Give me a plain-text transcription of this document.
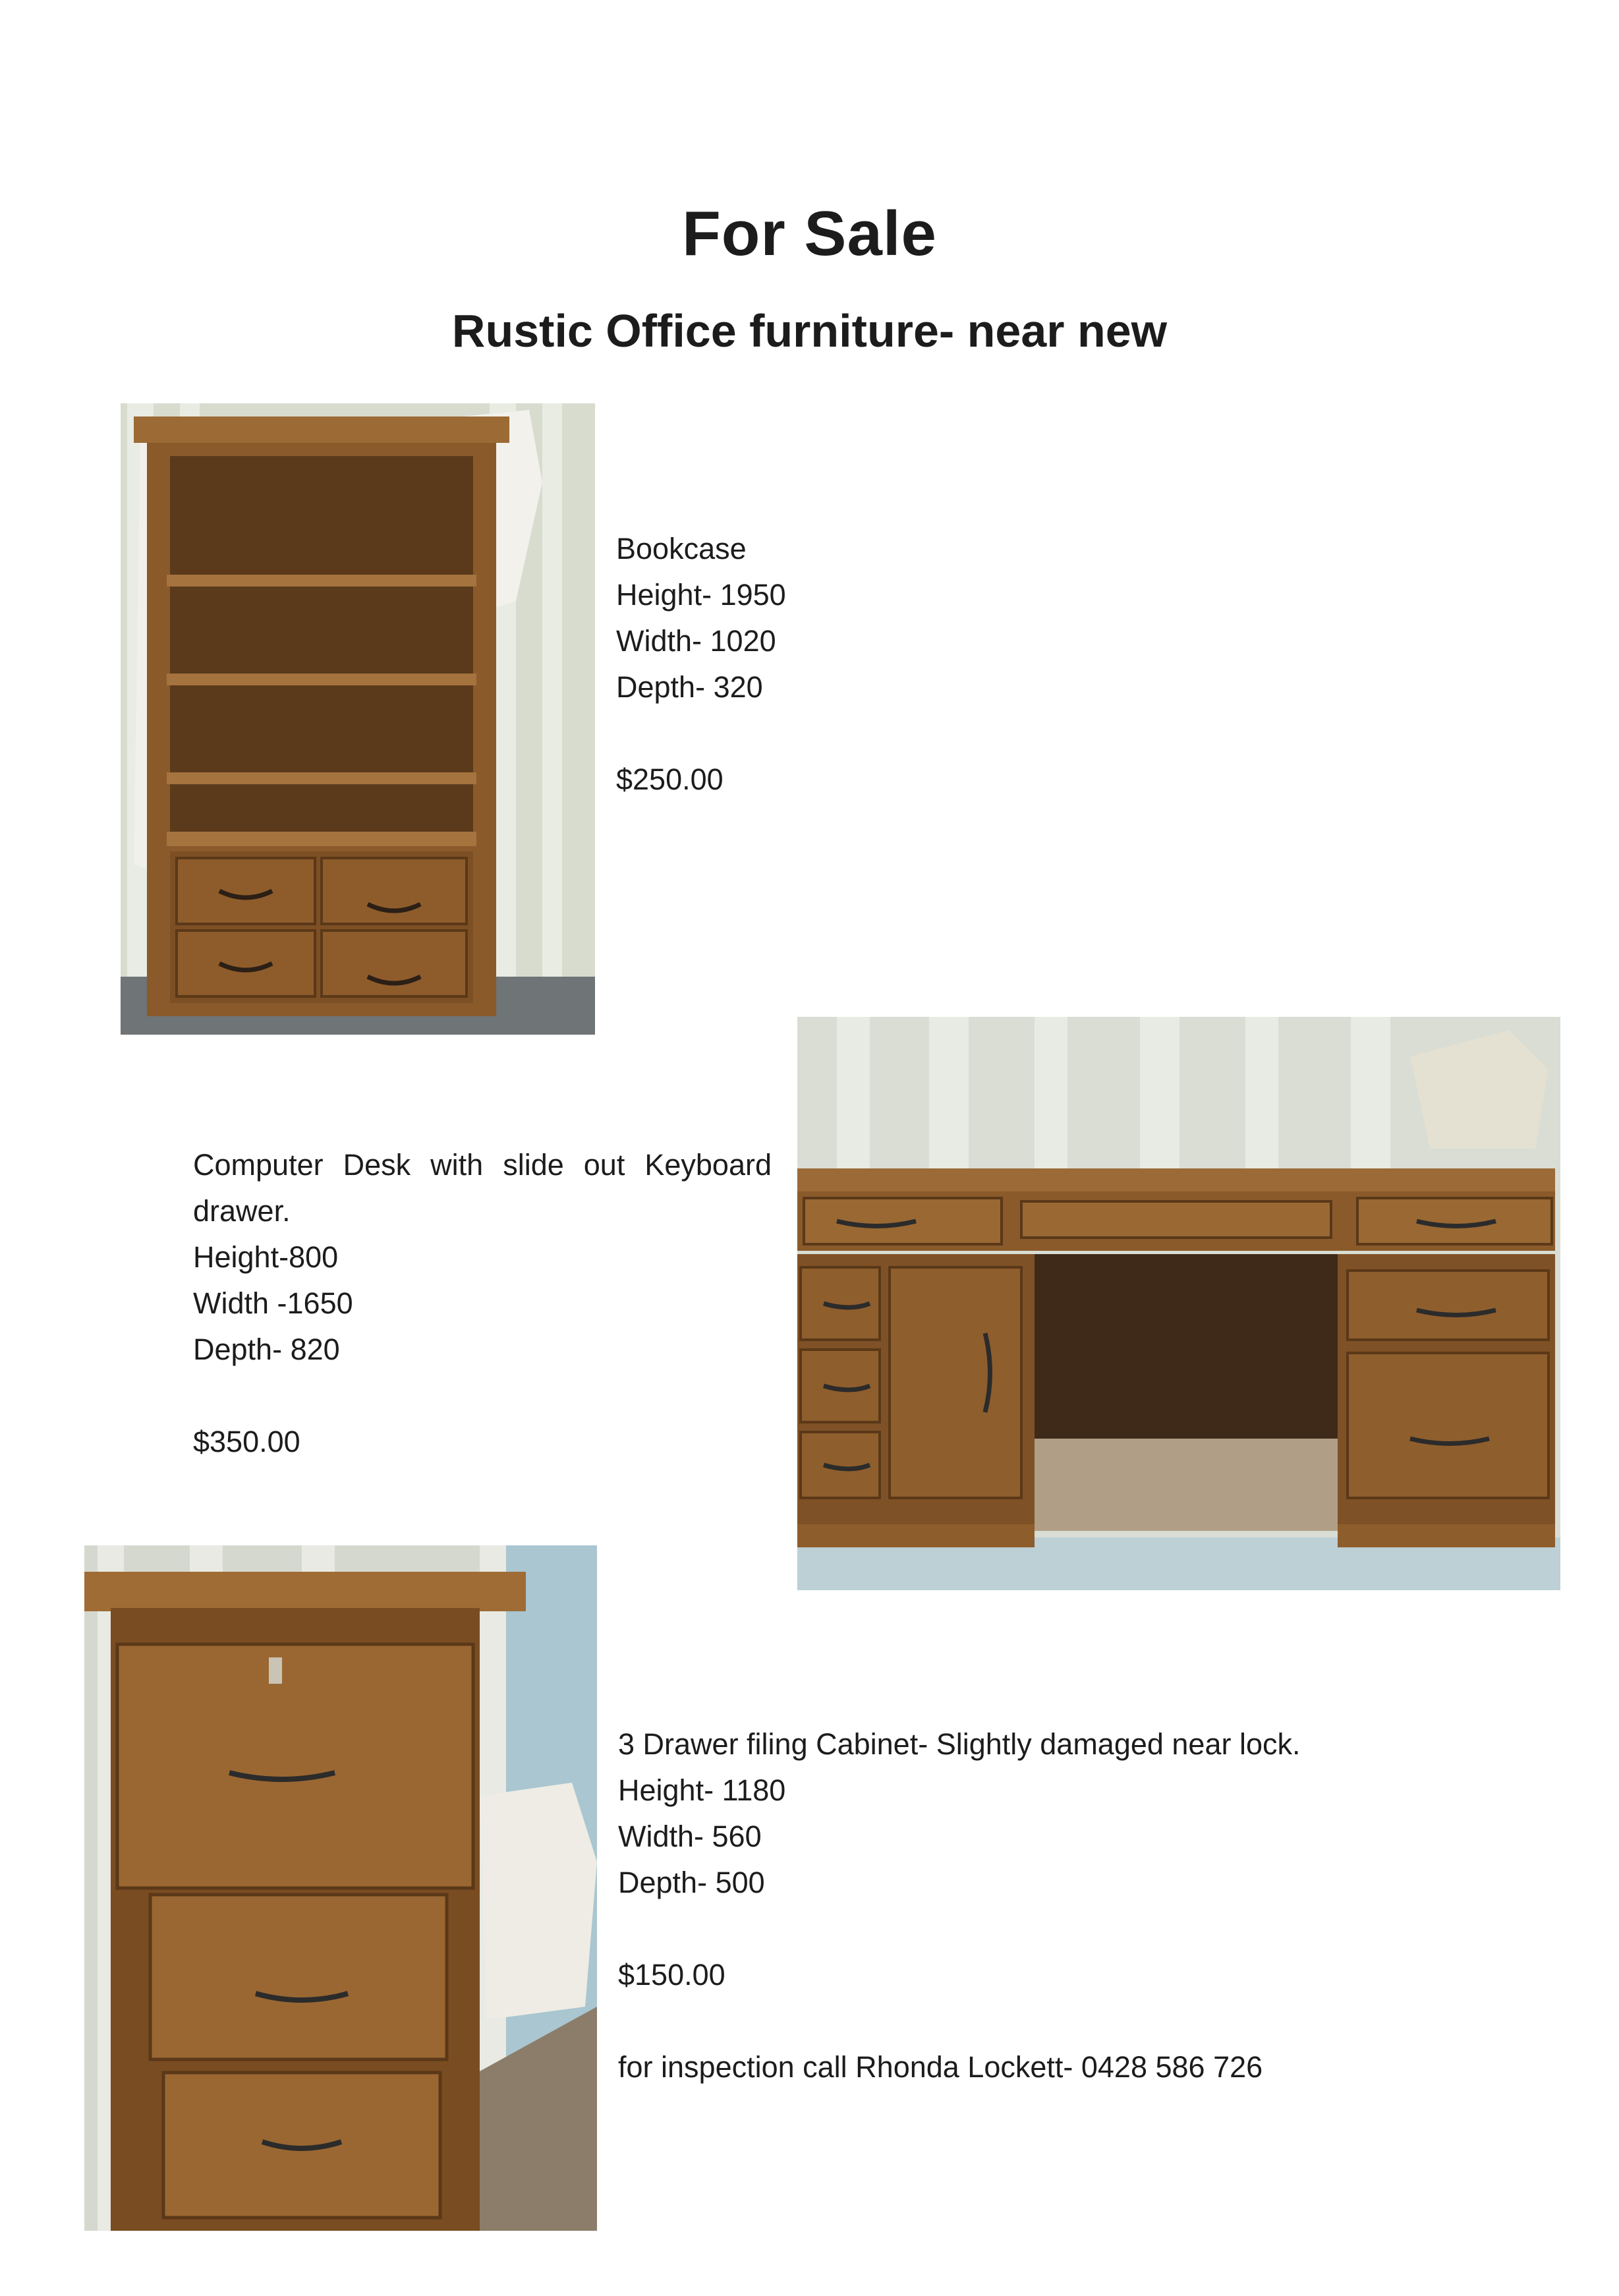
For Sale
Rustic Office furniture- near new

Bookcase

Height- 1950

Width- 1020

Depth- 320

$250.00

Computer Desk with slide out Keyboard drawer.

Height-800

Width -1650

Depth- 820

$350.00

3 Drawer filing Cabinet- Slightly damaged near lock.

Height- 1180

Width- 560

Depth- 500

$150.00

for inspection call Rhonda Lockett- 0428 586 726
